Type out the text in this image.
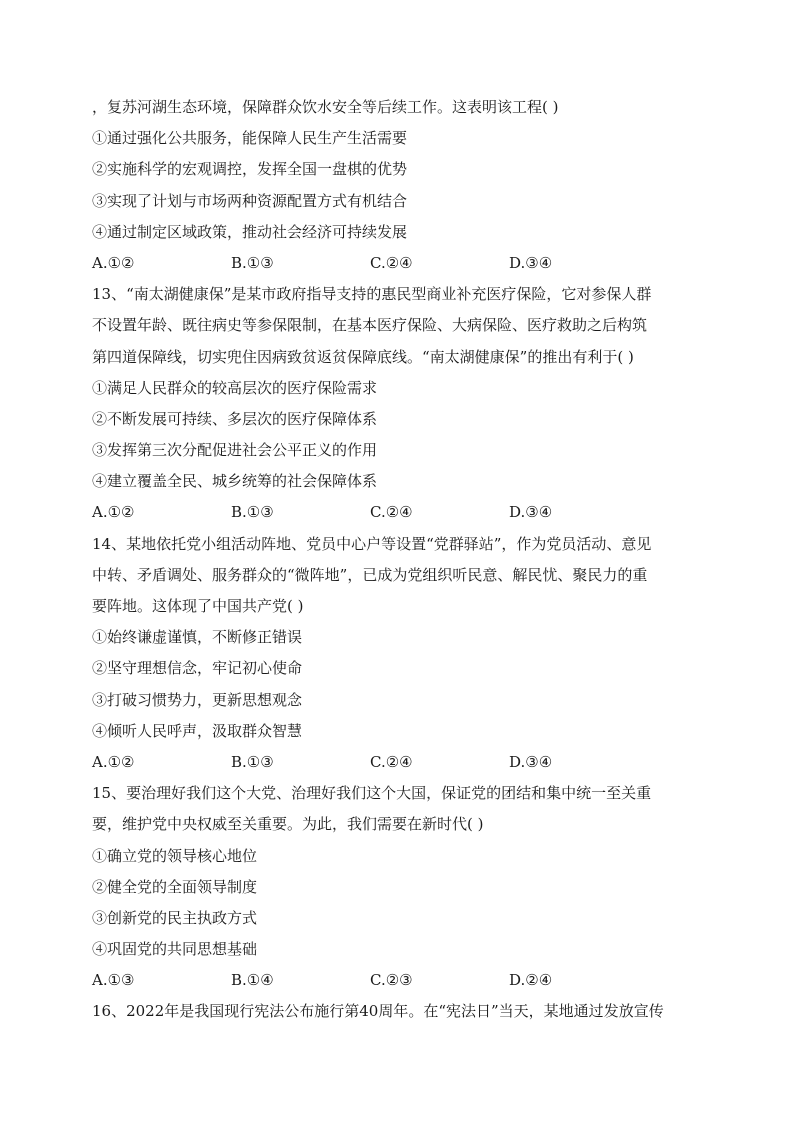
，复苏河湖生态环境，保障群众饮水安全等后续工作。这表明该工程( )
①通过强化公共服务，能保障人民生产生活需要
②实施科学的宏观调控，发挥全国一盘棋的优势
③实现了计划与市场两种资源配置方式有机结合
④通过制定区域政策，推动社会经济可持续发展
A.①②	B.①③	C.②④	D.③④
13、“南太湖健康保”是某市政府指导支持的惠民型商业补充医疗保险，它对参保人群
不设置年龄、既往病史等参保限制，在基本医疗保险、大病保险、医疗救助之后构筑
第四道保障线，切实兜住因病致贫返贫保障底线。“南太湖健康保”的推出有利于( )
①满足人民群众的较高层次的医疗保险需求
②不断发展可持续、多层次的医疗保障体系
③发挥第三次分配促进社会公平正义的作用
④建立覆盖全民、城乡统筹的社会保障体系
A.①②	B.①③	C.②④	D.③④
14、某地依托党小组活动阵地、党员中心户等设置“党群驿站”，作为党员活动、意见
中转、矛盾调处、服务群众的“微阵地”，已成为党组织听民意、解民忧、聚民力的重
要阵地。这体现了中国共产党( )
①始终谦虚谨慎，不断修正错误
②坚守理想信念，牢记初心使命
③打破习惯势力，更新思想观念
④倾听人民呼声，汲取群众智慧
A.①②	B.①③	C.②④	D.③④
15、要治理好我们这个大党、治理好我们这个大国，保证党的团结和集中统一至关重
要，维护党中央权威至关重要。为此，我们需要在新时代( )
①确立党的领导核心地位
②健全党的全面领导制度
③创新党的民主执政方式
④巩固党的共同思想基础
A.①③	B.①④	C.②③	D.②④
16、2022年是我国现行宪法公布施行第40周年。在“宪法日”当天，某地通过发放宣传
